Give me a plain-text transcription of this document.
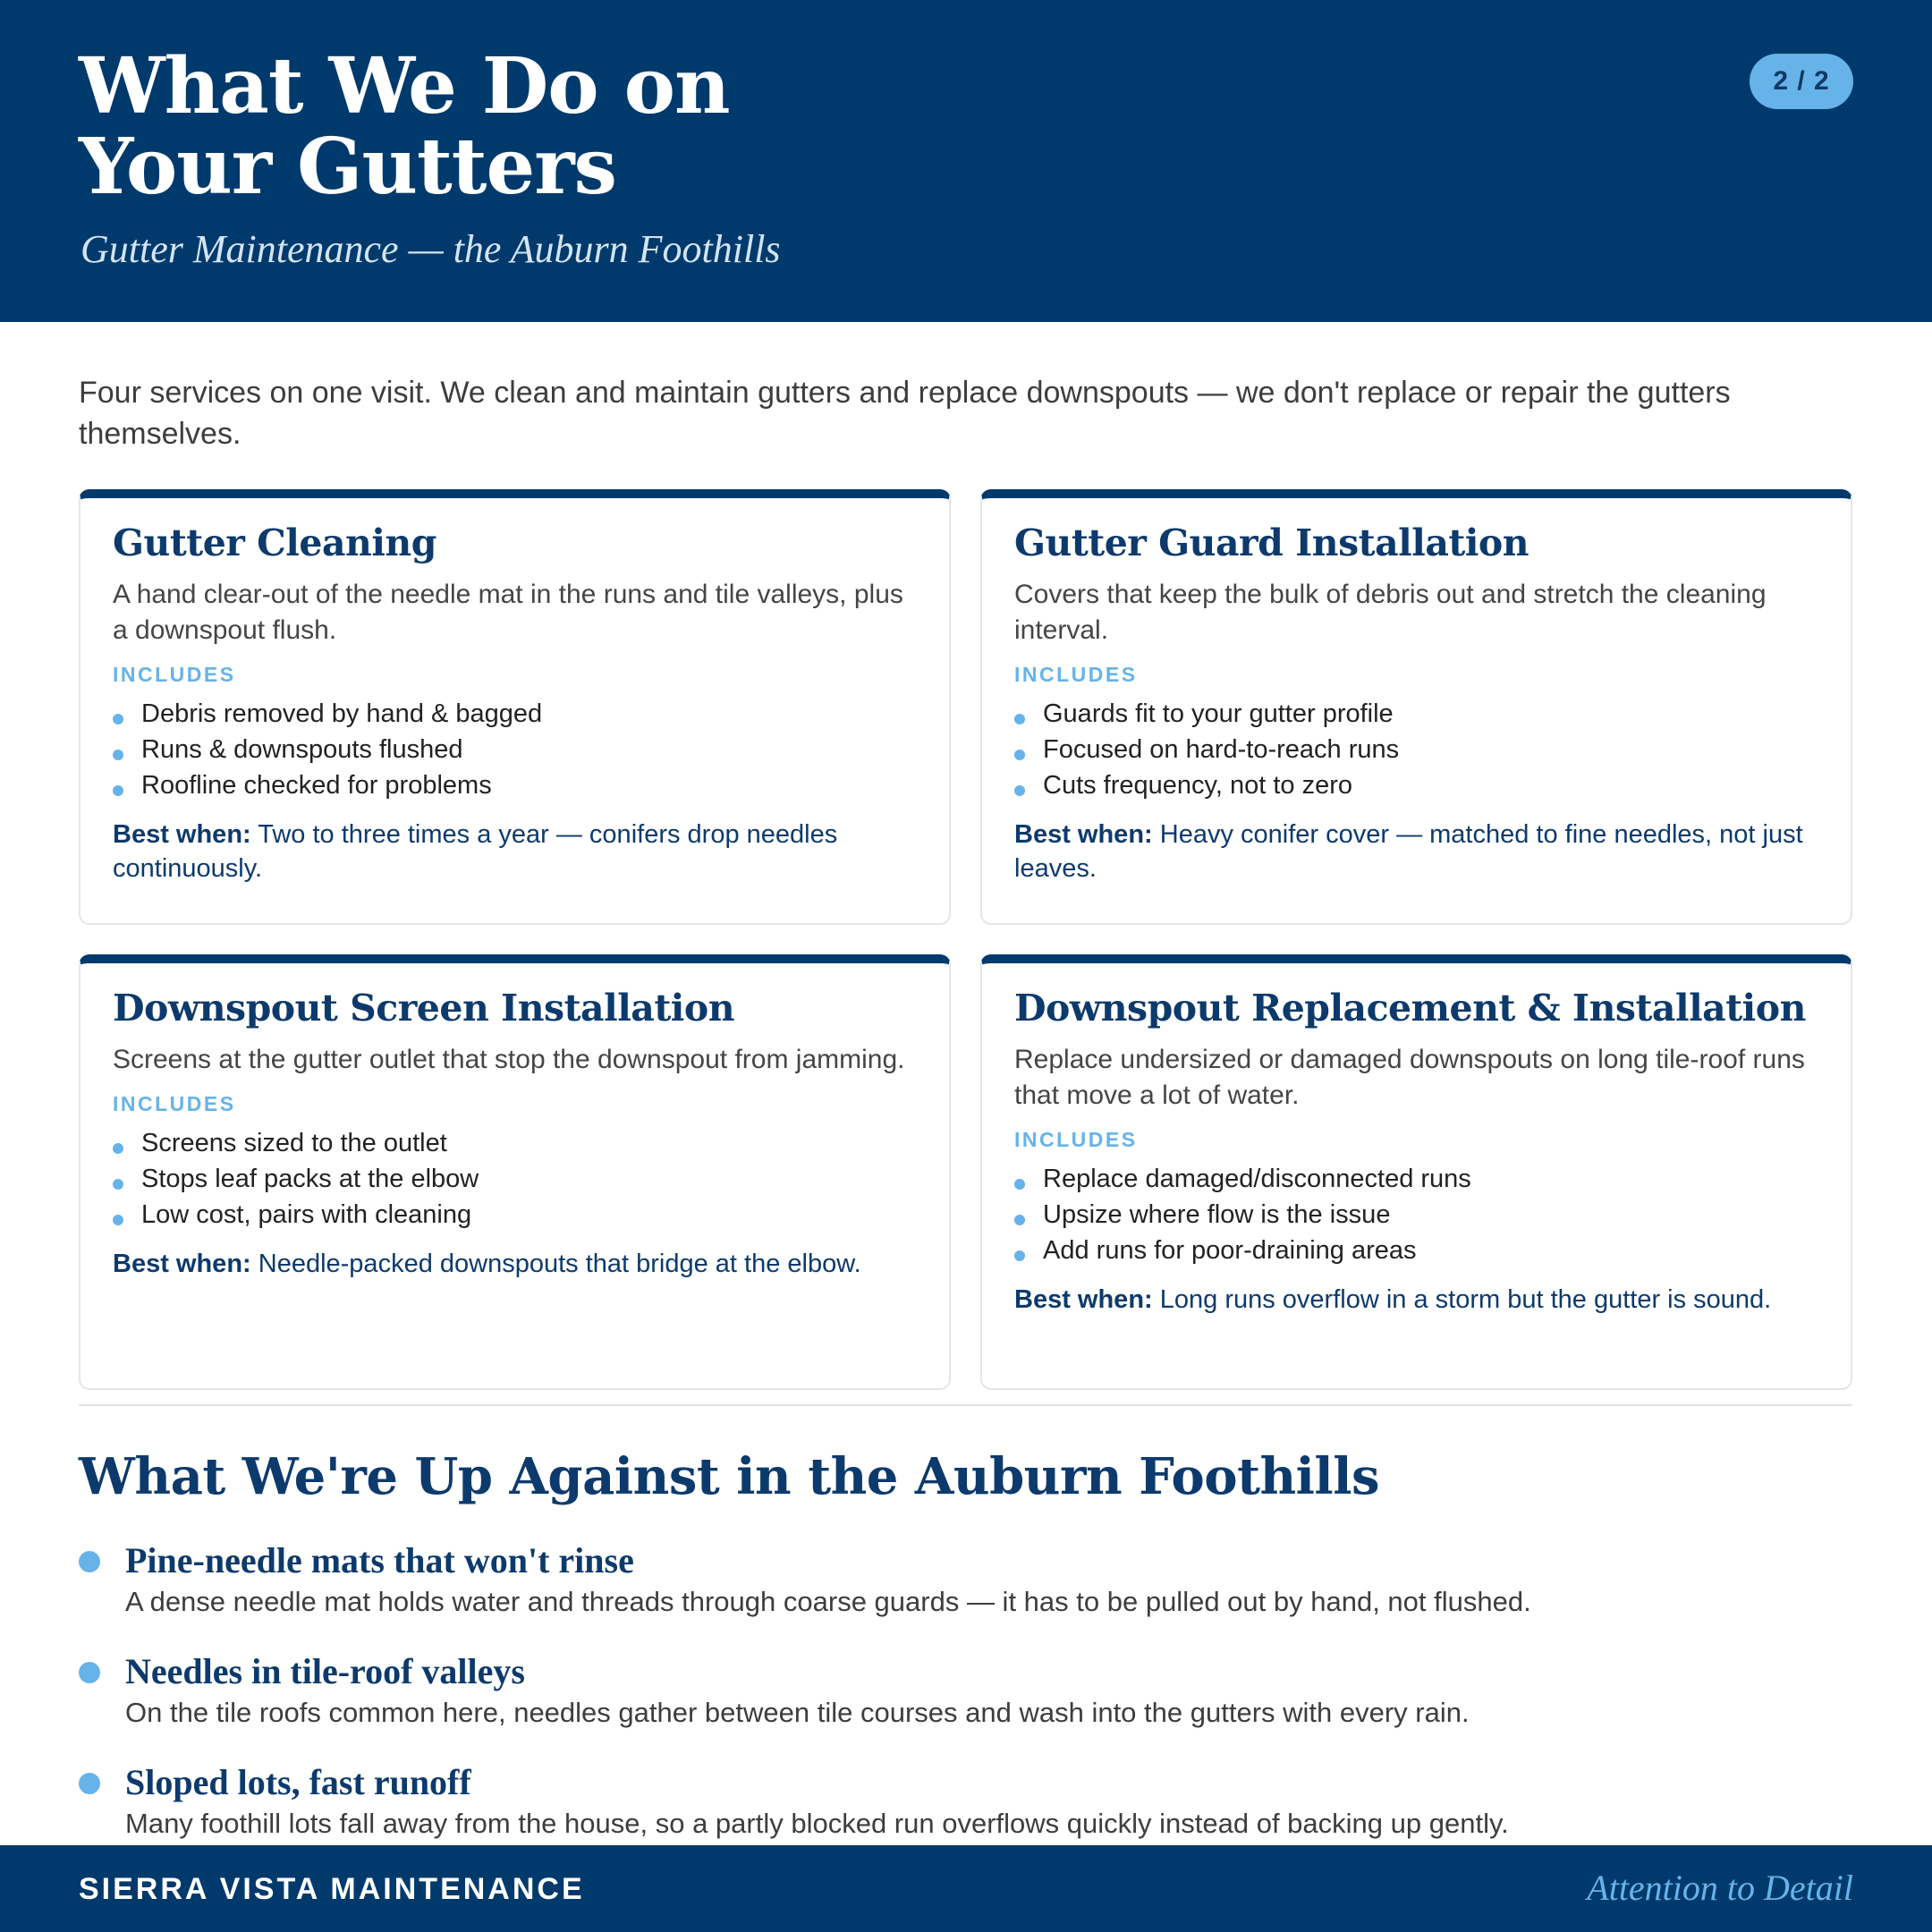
What We Do on
Your Gutters
Gutter Maintenance — the Auburn Foothills
2 / 2

Four services on one visit. We clean and maintain gutters and replace downspouts — we don't replace or repair the gutters themselves.

Gutter Cleaning

A hand clear-out of the needle mat in the runs and tile valleys, plus a downspout flush.

INCLUDES
Debris removed by hand & bagged
Runs & downspouts flushed
Roofline checked for problems

Best when: Two to three times a year — conifers drop needles continuously.

Gutter Guard Installation

Covers that keep the bulk of debris out and stretch the cleaning interval.

INCLUDES
Guards fit to your gutter profile
Focused on hard-to-reach runs
Cuts frequency, not to zero

Best when: Heavy conifer cover — matched to fine needles, not just leaves.

Downspout Screen Installation

Screens at the gutter outlet that stop the downspout from jamming.

INCLUDES
Screens sized to the outlet
Stops leaf packs at the elbow
Low cost, pairs with cleaning

Best when: Needle-packed downspouts that bridge at the elbow.

Downspout Replacement & Installation

Replace undersized or damaged downspouts on long tile-roof runs that move a lot of water.

INCLUDES
Replace damaged/disconnected runs
Upsize where flow is the issue
Add runs for poor-draining areas

Best when: Long runs overflow in a storm but the gutter is sound.

What We're Up Against in the Auburn Foothills
Pine-needle mats that won't rinse

A dense needle mat holds water and threads through coarse guards — it has to be pulled out by hand, not flushed.

Needles in tile-roof valleys

On the tile roofs common here, needles gather between tile courses and wash into the gutters with every rain.

Sloped lots, fast runoff

Many foothill lots fall away from the house, so a partly blocked run overflows quickly instead of backing up gently.

SIERRA VISTA MAINTENANCE	Attention to Detail
